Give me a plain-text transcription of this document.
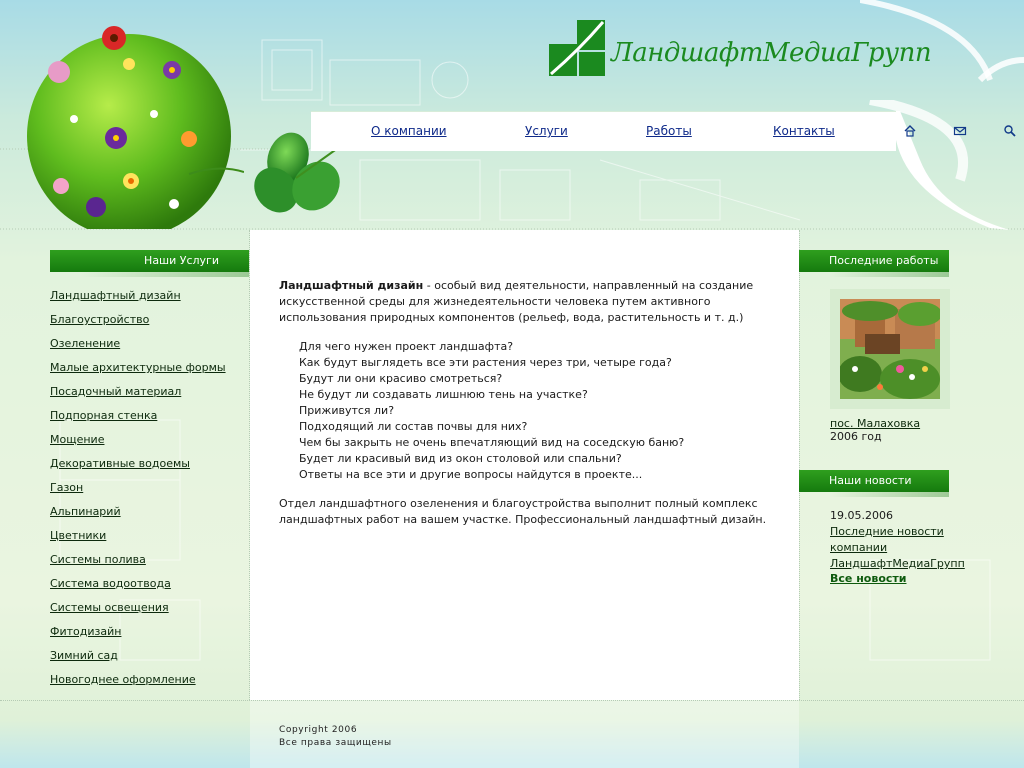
ЛандшафтМедиаГрупп
О компании	Услуги	Работы	Контакты

Ландшафтный дизайн - особый вид деятельности, направленный на создание искусственной среды для жизнедеятельности человека путем активного использования природных компонентов (рельеф, вода, растительность и т. д.)

Для чего нужен проект ландшафта?
Как будут выглядеть все эти растения через три, четыре года?
Будут ли они красиво смотреться?
Не будут ли создавать лишнюю тень на участке?
Приживутся ли?
Подходящий ли состав почвы для них?
Чем бы закрыть не очень впечатляющий вид на соседскую баню?
Будет ли красивый вид из окон столовой или спальни?
Ответы на все эти и другие вопросы найдутся в проекте...

Отдел ландшафтного озеленения и благоустройства выполнит полный комплекс ландшафтных работ на вашем участке. Профессиональный ландшафтный дизайн.

Copyright 2006
Все права защищены
Наши Услуги
Ландшафтный дизайн
Благоустройство
Озеленение
Малые архитектурные формы
Посадочный материал
Подпорная стенка
Мощение
Декоративные водоемы
Газон
Альпинарий
Цветники
Системы полива
Система водоотвода
Системы освещения
Фитодизайн
Зимний сад
Новогоднее оформление
Последние работы
пос. Малаховка
2006 год
Наши новости
19.05.2006
Последние новости компании ЛандшафтМедиаГрупп
Все новости
